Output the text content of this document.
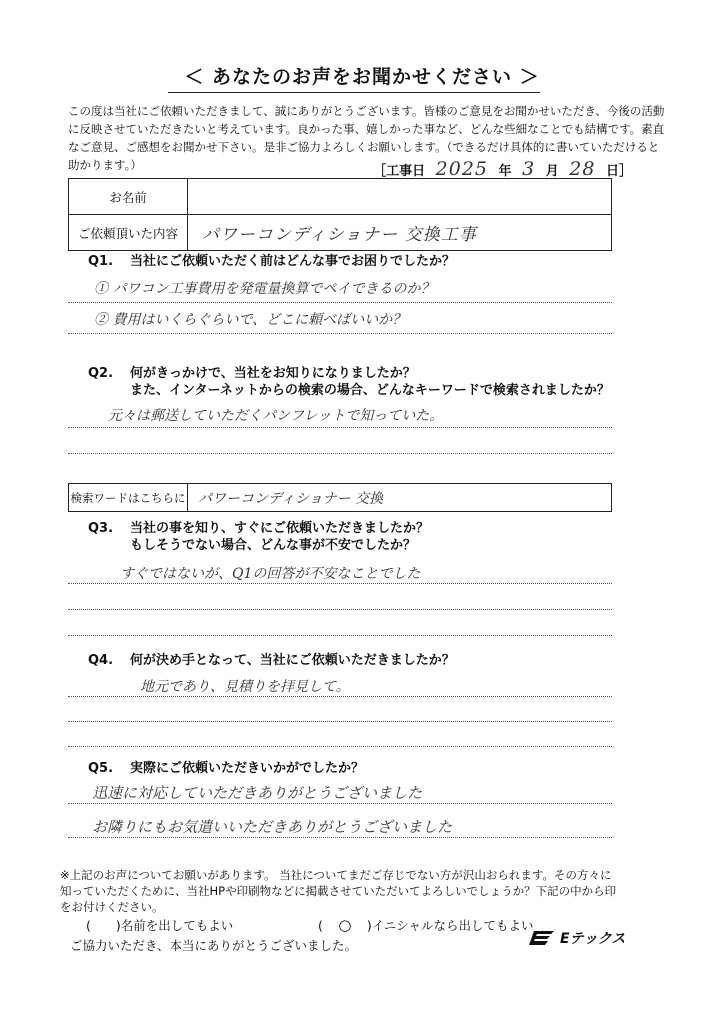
＜ あなたのお声をお聞かせください ＞
この度は当社にご依頼いただきまして、誠にありがとうございます。皆様のご意見をお聞かせいただき、今後の活動に反映させていただきたいと考えています。良かった事、嬉しかった事など、どんな些細なことでも結構です。素直なご意見、ご感想をお聞かせ下さい。是非ご協力よろしくお願いします。（できるだけ具体的に書いていただけると助かります。）	［工事日 2025 年 3 月 28 日］
お名前
ご依頼頂いた内容	パワーコンディショナー 交換工事
Q1. 当社にご依頼いただく前はどんな事でお困りでしたか？
① パワコン工事費用を発電量換算でペイできるのか？
② 費用はいくらぐらいで、どこに頼べばいいか？
Q2. 何がきっかけで、当社をお知りになりましたか？
また、インターネットからの検索の場合、どんなキーワードで検索されましたか？
元々は郵送していただくパンフレットで知っていた。
検索ワードはこちらに パワーコンディショナー 交換
Q3. 当社の事を知り、すぐにご依頼いただきましたか？
もしそうでない場合、どんな事が不安でしたか？
すぐではないが、Q1の回答が不安なことでした
Q4. 何が決め手となって、当社にご依頼いただきましたか？
地元であり、見積りを拝見して。
Q5. 実際にご依頼いただきいかがでしたか？
迅速に対応していただきありがとうございました
お隣りにもお気遣いいただきありがとうございました
※上記のお声についてお願いがあります。 当社についてまだご存じでない方が沢山おられます。その方々に知っていただくために、当社HPや印刷物などに掲載させていただいてよろしいでしょうか？下記の中から印をお付けください。
(　　)名前を出してもよい	( ○ )イニシャルなら出してもよい
ご協力いただき、本当にありがとうございました。	Eテックス
